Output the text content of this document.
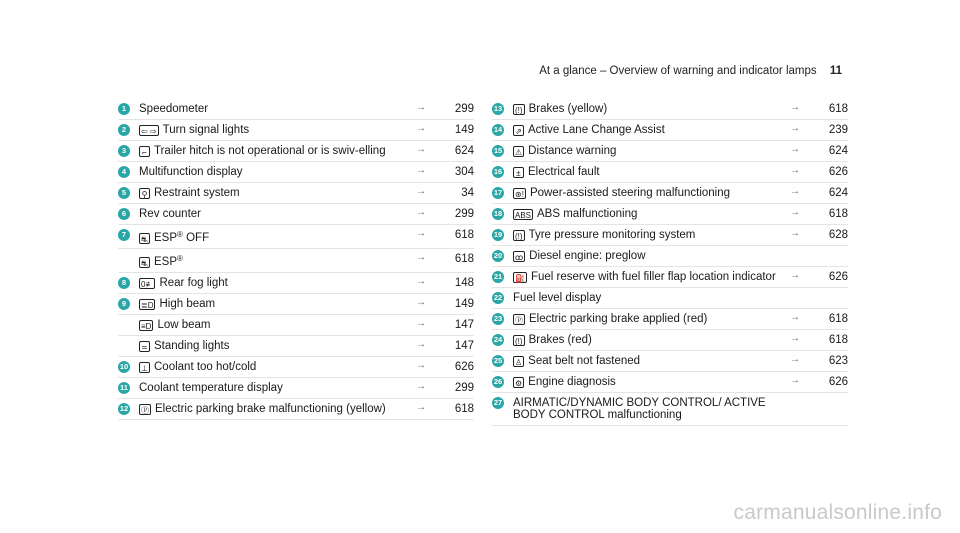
At a glance – Overview of warning and indicator lamps 11
1	Speedometer	→	299
2	⇦ ⇨ Turn signal lights	→	149
3	⌐ Trailer hitch is not operational or is swiv-elling	→	624
4	Multifunction display	→	304
5	⚲ Restraint system	→	34
6	Rev counter	→	299
7
⛐ ESP® OFF	→	618
⛐ ESP®	→	618
8	0≢ Rear fog light	→	148
9	≣D High beam	→	149
≡D Low beam	→	147
≍ Standing lights	→	147
10 ⊥ Coolant too hot/cold	→	626
11 Coolant temperature display	→	299
12 Ⓟ Electric parking brake malfunctioning (yellow)	→	618
13 (!) Brakes (yellow)	→	618
14 ⇗ Active Lane Change Assist	→	239
15 ⚠ Distance warning	→	624
16	± Electrical fault	→	626
17 ⊛! Power-assisted steering malfunctioning	→	624
18 ABS ABS malfunctioning	→	618
19 (!) Tyre pressure monitoring system	→	628
20 ꝏ Diesel engine: preglow
21 ⛽ Fuel reserve with fuel filler flap location indicator →	626
22 Fuel level display
23 Ⓟ Electric parking brake applied (red)	→	618
24 (!) Brakes (red)	→	618
25 ♙ Seat belt not fastened	→	623
26 ⚙ Engine diagnosis	→	626
27 AIRMATIC/DYNAMIC BODY CONTROL/ ACTIVE BODY CONTROL malfunctioning
carmanualsonline.info
